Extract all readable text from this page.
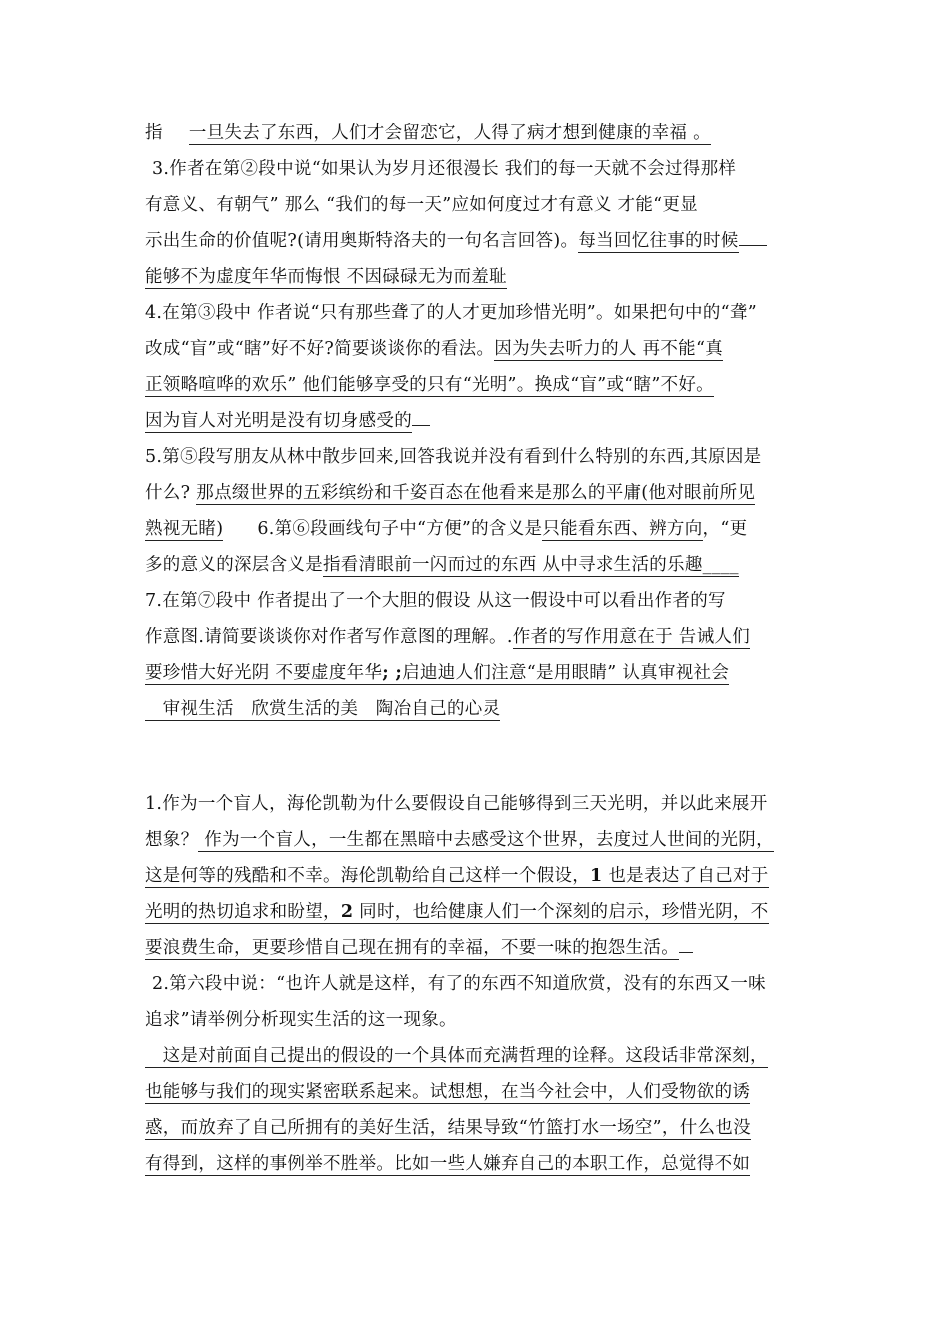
指 一旦失去了东西，人们才会留恋它，人得了病才想到健康的幸福 。
3.作者在第②段中说“如果认为岁月还很漫长 我们的每一天就不会过得那样
有意义、有朝气” 那么 “我们的每一天”应如何度过才有意义 才能“更显
示出生命的价值呢?(请用奥斯特洛夫的一句名言回答)。每当回忆往事的时候
能够不为虚度年华而悔恨 不因碌碌无为而羞耻
4.在第③段中 作者说“只有那些聋了的人才更加珍惜光明”。如果把句中的“聋”
改成“盲”或“瞎”好不好?简要谈谈你的看法。因为失去听力的人 再不能“真
正领略喧哗的欢乐” 他们能够享受的只有“光明”。换成“盲”或“瞎”不好。
因为盲人对光明是没有切身感受的
5.第⑤段写朋友从林中散步回来,回答我说并没有看到什么特别的东西,其原因是
什么? 那点缀世界的五彩缤纷和千姿百态在他看来是那么的平庸(他对眼前所见
熟视无睹) 6.第⑥段画线句子中“方便”的含义是只能看东西、辨方向，“更
多的意义的深层含义是指看清眼前一闪而过的东西 从中寻求生活的乐趣____
7.在第⑦段中 作者提出了一个大胆的假设 从这一假设中可以看出作者的写
作意图.请简要谈谈你对作者写作意图的理解。.作者的写作用意在于 告诫人们
要珍惜大好光阴 不要虚度年华; ;启迪迪人们注意“是用眼睛” 认真审视社会
审视生活   欣赏生活的美   陶冶自己的心灵
1.作为一个盲人，海伦凯勒为什么要假设自己能够得到三天光明，并以此来展开
想象？ 作为一个盲人，一生都在黑暗中去感受这个世界，去度过人世间的光阴，
这是何等的残酷和不幸。海伦凯勒给自己这样一个假设，1 也是表达了自己对于
光明的热切追求和盼望，2 同时，也给健康人们一个深刻的启示，珍惜光阴，不
要浪费生命，更要珍惜自己现在拥有的幸福，不要一味的抱怨生活。
2.第六段中说：“也许人就是这样，有了的东西不知道欣赏，没有的东西又一味
追求”请举例分析现实生活的这一现象。
这是对前面自己提出的假设的一个具体而充满哲理的诠释。这段话非常深刻，
也能够与我们的现实紧密联系起来。试想想，在当今社会中，人们受物欲的诱
惑，而放弃了自己所拥有的美好生活，结果导致“竹篮打水一场空”，什么也没
有得到，这样的事例举不胜举。比如一些人嫌弃自己的本职工作，总觉得不如
